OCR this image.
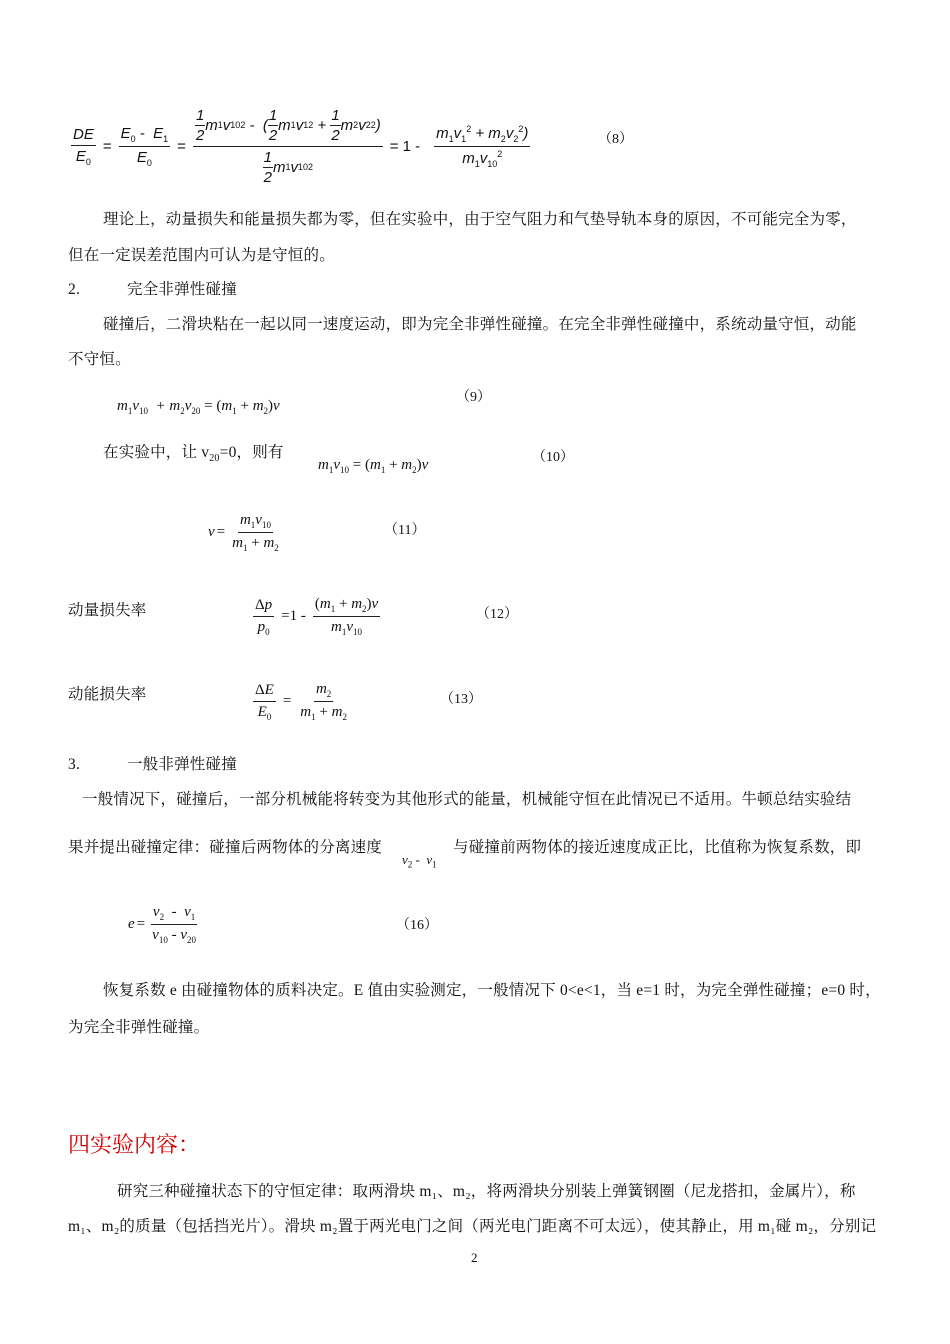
$\frac{DE}{E_0} = \frac{E_0 - E_1}{E_0} = \frac{\frac{1}{2} m 1 v 10 2 - ( \frac{1}{2} m 1 v 1 2 + \frac{1}{2} m 2 v 2 2 )}{\frac{1}{2} m 1 v 10 2} = 1 - \frac{m_1v_1^2 + m_2v_2^2)}{m_1v_{10}^2}$	（8）
理论上，动量损失和能量损失都为零，但在实验中，由于空气阻力和气垫导轨本身的原因，不可能完全为零，
但在一定误差范围内可认为是守恒的。
2.	完全非弹性碰撞
碰撞后，二滑块粘在一起以同一速度运动，即为完全非弹性碰撞。在完全非弹性碰撞中，系统动量守恒，动能
不守恒。
$m_1v_{10} + m_2v_{20} = (m_1 + m_2)v$
（9）
在实验中，让 $v_{20}=0$，则有
$m_1v_{10} = (m_1 + m_2)v$	（10）
$v = \frac{m_1v_{10}}{m_1 + m_2}$	（11）
动量损失率	$\frac{\Delta p}{p_0} =1 - \frac{(m_1 + m_2)v}{m_1v_{10}}$	（12）
动能损失率	$\frac{\Delta E}{E_0} = \frac{m_2}{m_1 + m_2}$	（13）
3.	一般非弹性碰撞
一般情况下，碰撞后，一部分机械能将转变为其他形式的能量，机械能守恒在此情况已不适用。牛顿总结实验结
果并提出碰撞定律：碰撞后两物体的分离速度
$v_2 - v_1$
与碰撞前两物体的接近速度成正比，比值称为恢复系数，即
$e = \frac{v_2 - v_1}{v_{10} - v_{20}}$	（16）
恢复系数 e 由碰撞物体的质料决定。E 值由实验测定，一般情况下 0<e<1，当 e=1 时，为完全弹性碰撞；e=0 时，
为完全非弹性碰撞。
四实验内容：
研究三种碰撞状态下的守恒定律：取两滑块 m₁、m₂，将两滑块分别装上弹簧钢圈（尼龙搭扣，金属片），称
m₁、m₂的质量（包括挡光片）。滑块 m₂置于两光电门之间（两光电门距离不可太远），使其静止，用 m₁碰 m₂，分别记
2
